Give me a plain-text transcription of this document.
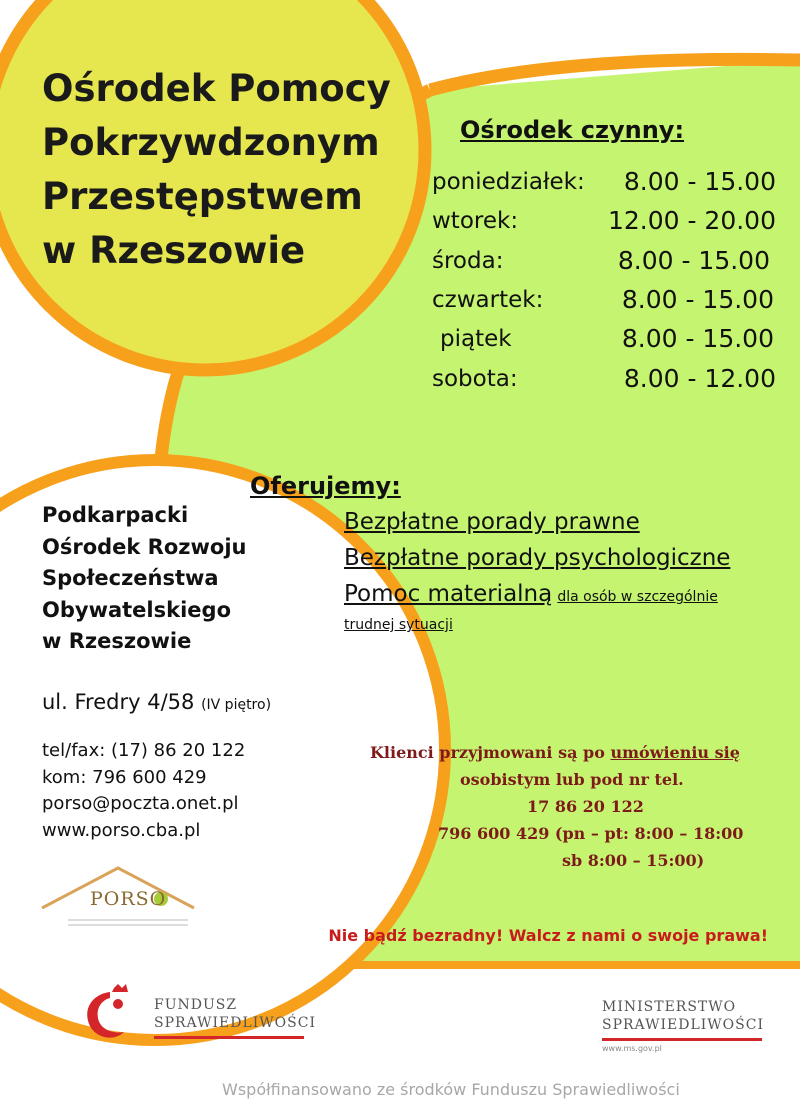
Ośrodek Pomocy
Pokrzywdzonym
Przestępstwem
w Rzeszowie
Ośrodek czynny:
poniedziałek: 8.00 - 15.00
wtorek:	12.00 - 20.00
środa:	8.00 - 15.00
czwartek:	8.00 - 15.00
piątek	8.00 - 15.00
sobota:	8.00 - 12.00
Oferujemy:
Bezpłatne porady prawne
Bezpłatne porady psychologiczne
Pomoc materialną dla osób w szczególnie
trudnej sytuacji
Podkarpacki
Ośrodek Rozwoju
Społeczeństwa
Obywatelskiego
w Rzeszowie
ul. Fredry 4/58 (IV piętro)
tel/fax: (17) 86 20 122
kom: 796 600 429
porso@poczta.onet.pl
www.porso.cba.pl
PORSO
Klienci przyjmowani są po umówieniu się
osobistym lub pod nr tel.
17 86 20 122
796 600 429 (pn – pt: 8:00 – 18:00
sb 8:00 – 15:00)
Nie bądź bezradny! Walcz z nami o swoje prawa!
FUNDUSZ
SPRAWIEDLIWOŚCI
MINISTERSTWO
SPRAWIEDLIWOŚCI
www.ms.gov.pl
Współfinansowano ze środków Funduszu Sprawiedliwości
